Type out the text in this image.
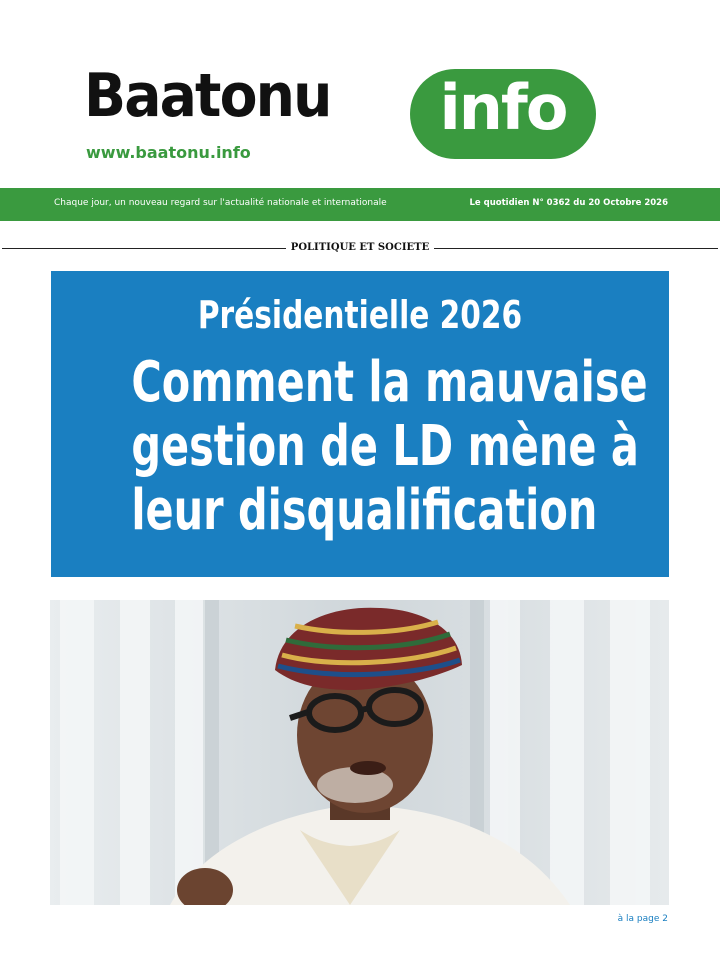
Baatonu	info
www.baatonu.info
Chaque jour, un nouveau regard sur l'actualité nationale et internationale	Le quotidien N° 0362 du 20 Octobre 2026
POLITIQUE ET SOCIETE
Présidentielle 2026
Comment la mauvaise
gestion de LD mène à
leur disqualification
à la page 2
